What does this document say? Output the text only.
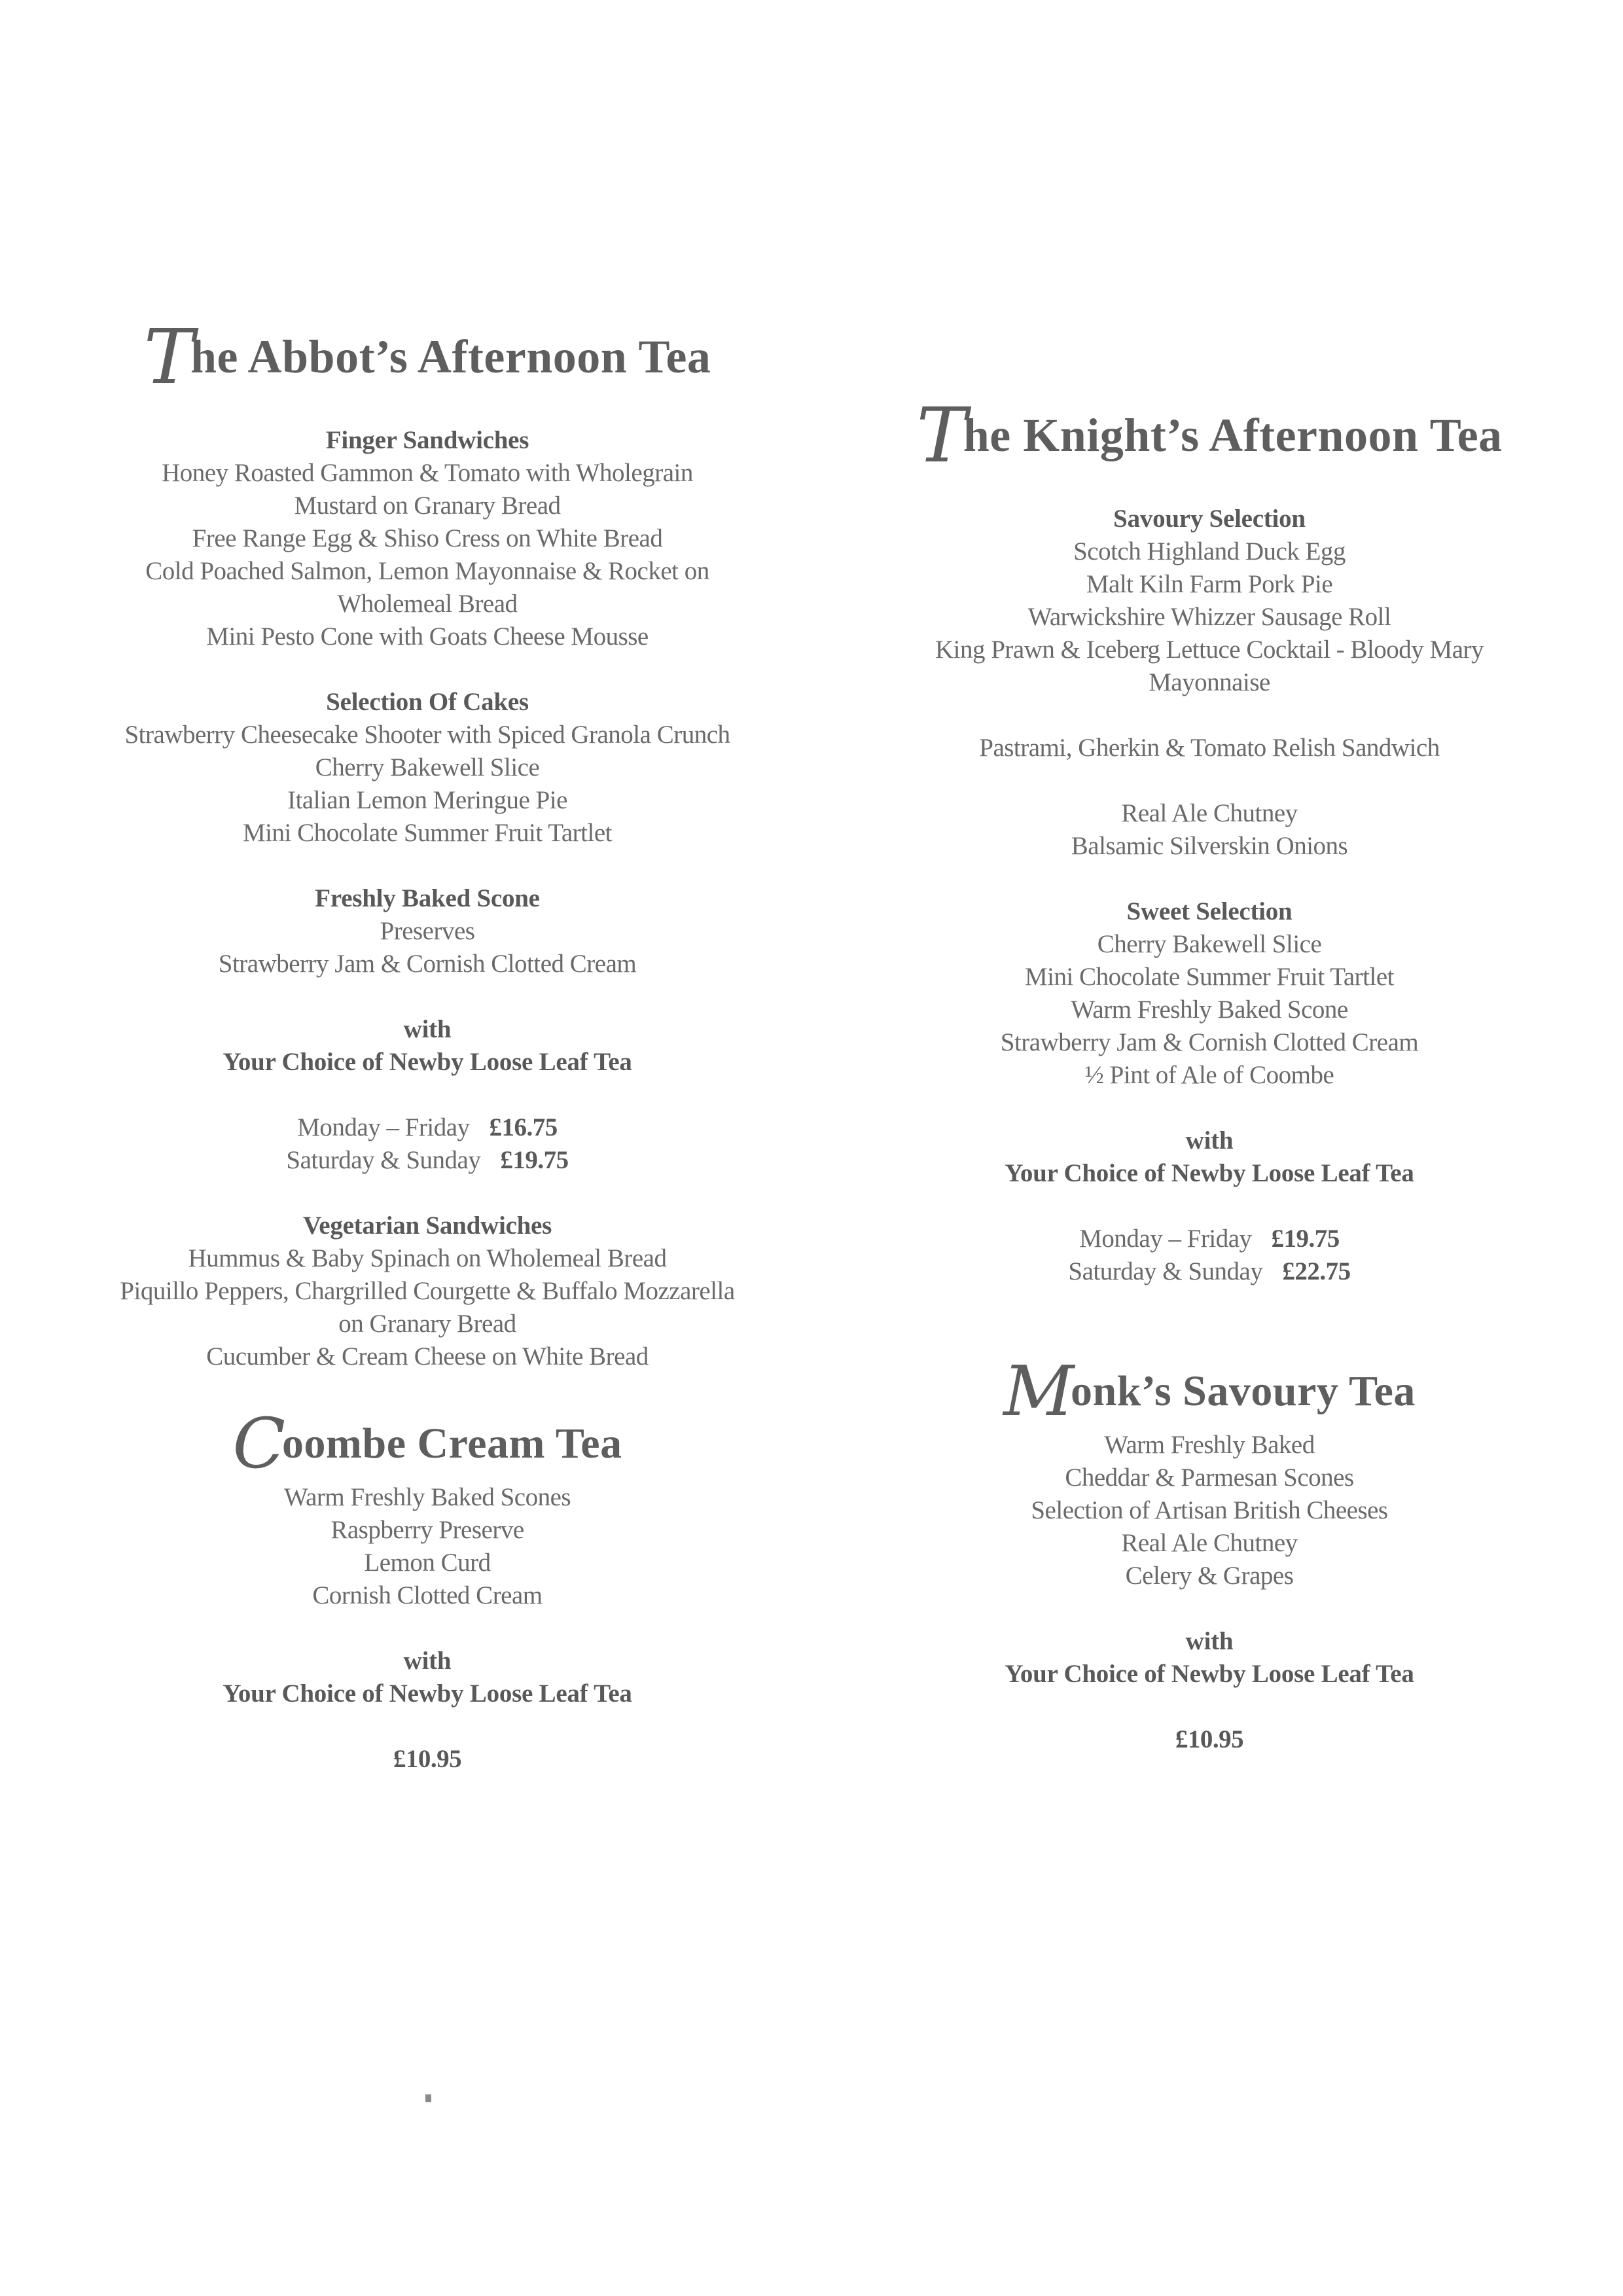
The Abbot’s Afternoon Tea
Finger Sandwiches
Honey Roasted Gammon & Tomato with Wholegrain
Mustard on Granary Bread
Free Range Egg & Shiso Cress on White Bread
Cold Poached Salmon, Lemon Mayonnaise & Rocket on
Wholemeal Bread
Mini Pesto Cone with Goats Cheese Mousse
Selection Of Cakes
Strawberry Cheesecake Shooter with Spiced Granola Crunch
Cherry Bakewell Slice
Italian Lemon Meringue Pie
Mini Chocolate Summer Fruit Tartlet
Freshly Baked Scone
Preserves
Strawberry Jam & Cornish Clotted Cream
with
Your Choice of Newby Loose Leaf Tea
Monday – Friday £16.75
Saturday & Sunday £19.75
Vegetarian Sandwiches
Hummus & Baby Spinach on Wholemeal Bread
Piquillo Peppers, Chargrilled Courgette & Buffalo Mozzarella
on Granary Bread
Cucumber & Cream Cheese on White Bread
Coombe Cream Tea
Warm Freshly Baked Scones
Raspberry Preserve
Lemon Curd
Cornish Clotted Cream
with
Your Choice of Newby Loose Leaf Tea
£10.95
The Knight’s Afternoon Tea
Savoury Selection
Scotch Highland Duck Egg
Malt Kiln Farm Pork Pie
Warwickshire Whizzer Sausage Roll
King Prawn & Iceberg Lettuce Cocktail - Bloody Mary
Mayonnaise
Pastrami, Gherkin & Tomato Relish Sandwich
Real Ale Chutney
Balsamic Silverskin Onions
Sweet Selection
Cherry Bakewell Slice
Mini Chocolate Summer Fruit Tartlet
Warm Freshly Baked Scone
Strawberry Jam & Cornish Clotted Cream
½ Pint of Ale of Coombe
with
Your Choice of Newby Loose Leaf Tea
Monday – Friday £19.75
Saturday & Sunday £22.75
Monk’s Savoury Tea
Warm Freshly Baked
Cheddar & Parmesan Scones
Selection of Artisan British Cheeses
Real Ale Chutney
Celery & Grapes
with
Your Choice of Newby Loose Leaf Tea
£10.95
